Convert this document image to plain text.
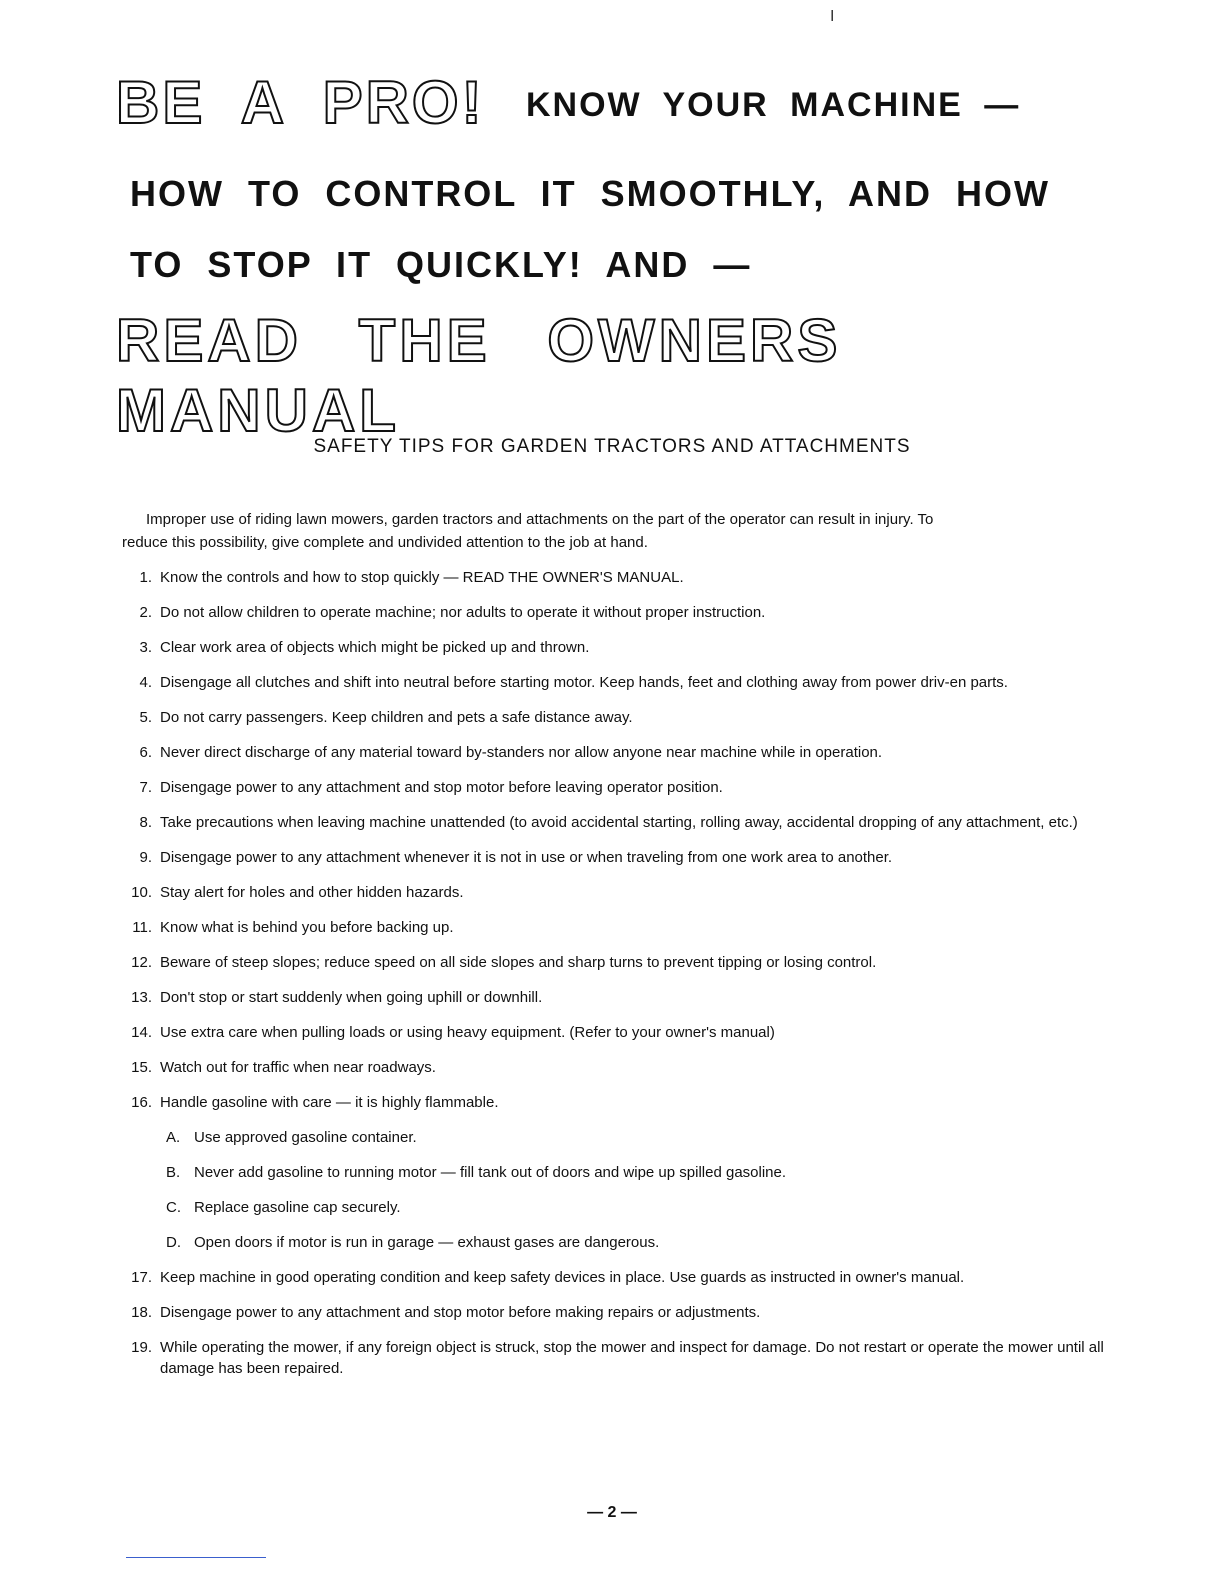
I
BE A PRO! KNOW YOUR MACHINE —
HOW TO CONTROL IT SMOOTHLY, AND HOW
TO STOP IT QUICKLY! AND —
READ THE OWNERS MANUAL
SAFETY TIPS FOR GARDEN TRACTORS AND ATTACHMENTS
Improper use of riding lawn mowers, garden tractors and attachments on the part of the operator can result in injury. To
reduce this possibility, give complete and undivided attention to the job at hand.
1. Know the controls and how to stop quickly — READ THE OWNER'S MANUAL.
2. Do not allow children to operate machine; nor adults to operate it without proper instruction.
3. Clear work area of objects which might be picked up and thrown.
4. Disengage all clutches and shift into neutral before starting motor. Keep hands, feet and clothing away from power driv-en parts.
5. Do not carry passengers. Keep children and pets a safe distance away.
6. Never direct discharge of any material toward by-standers nor allow anyone near machine while in operation.
7. Disengage power to any attachment and stop motor before leaving operator position.
8. Take precautions when leaving machine unattended (to avoid accidental starting, rolling away, accidental dropping of any attachment, etc.)
9. Disengage power to any attachment whenever it is not in use or when traveling from one work area to another.
10. Stay alert for holes and other hidden hazards.
11. Know what is behind you before backing up.
12. Beware of steep slopes; reduce speed on all side slopes and sharp turns to prevent tipping or losing control.
13. Don't stop or start suddenly when going uphill or downhill.
14. Use extra care when pulling loads or using heavy equipment. (Refer to your owner's manual)
15. Watch out for traffic when near roadways.
16. Handle gasoline with care — it is highly flammable.
A. Use approved gasoline container.
B. Never add gasoline to running motor — fill tank out of doors and wipe up spilled gasoline.
C. Replace gasoline cap securely.
D. Open doors if motor is run in garage — exhaust gases are dangerous.
17. Keep machine in good operating condition and keep safety devices in place. Use guards as instructed in owner's manual.
18. Disengage power to any attachment and stop motor before making repairs or adjustments.
19. While operating the mower, if any foreign object is struck, stop the mower and inspect for damage. Do not restart or operate the mower until all damage has been repaired.
— 2 —
